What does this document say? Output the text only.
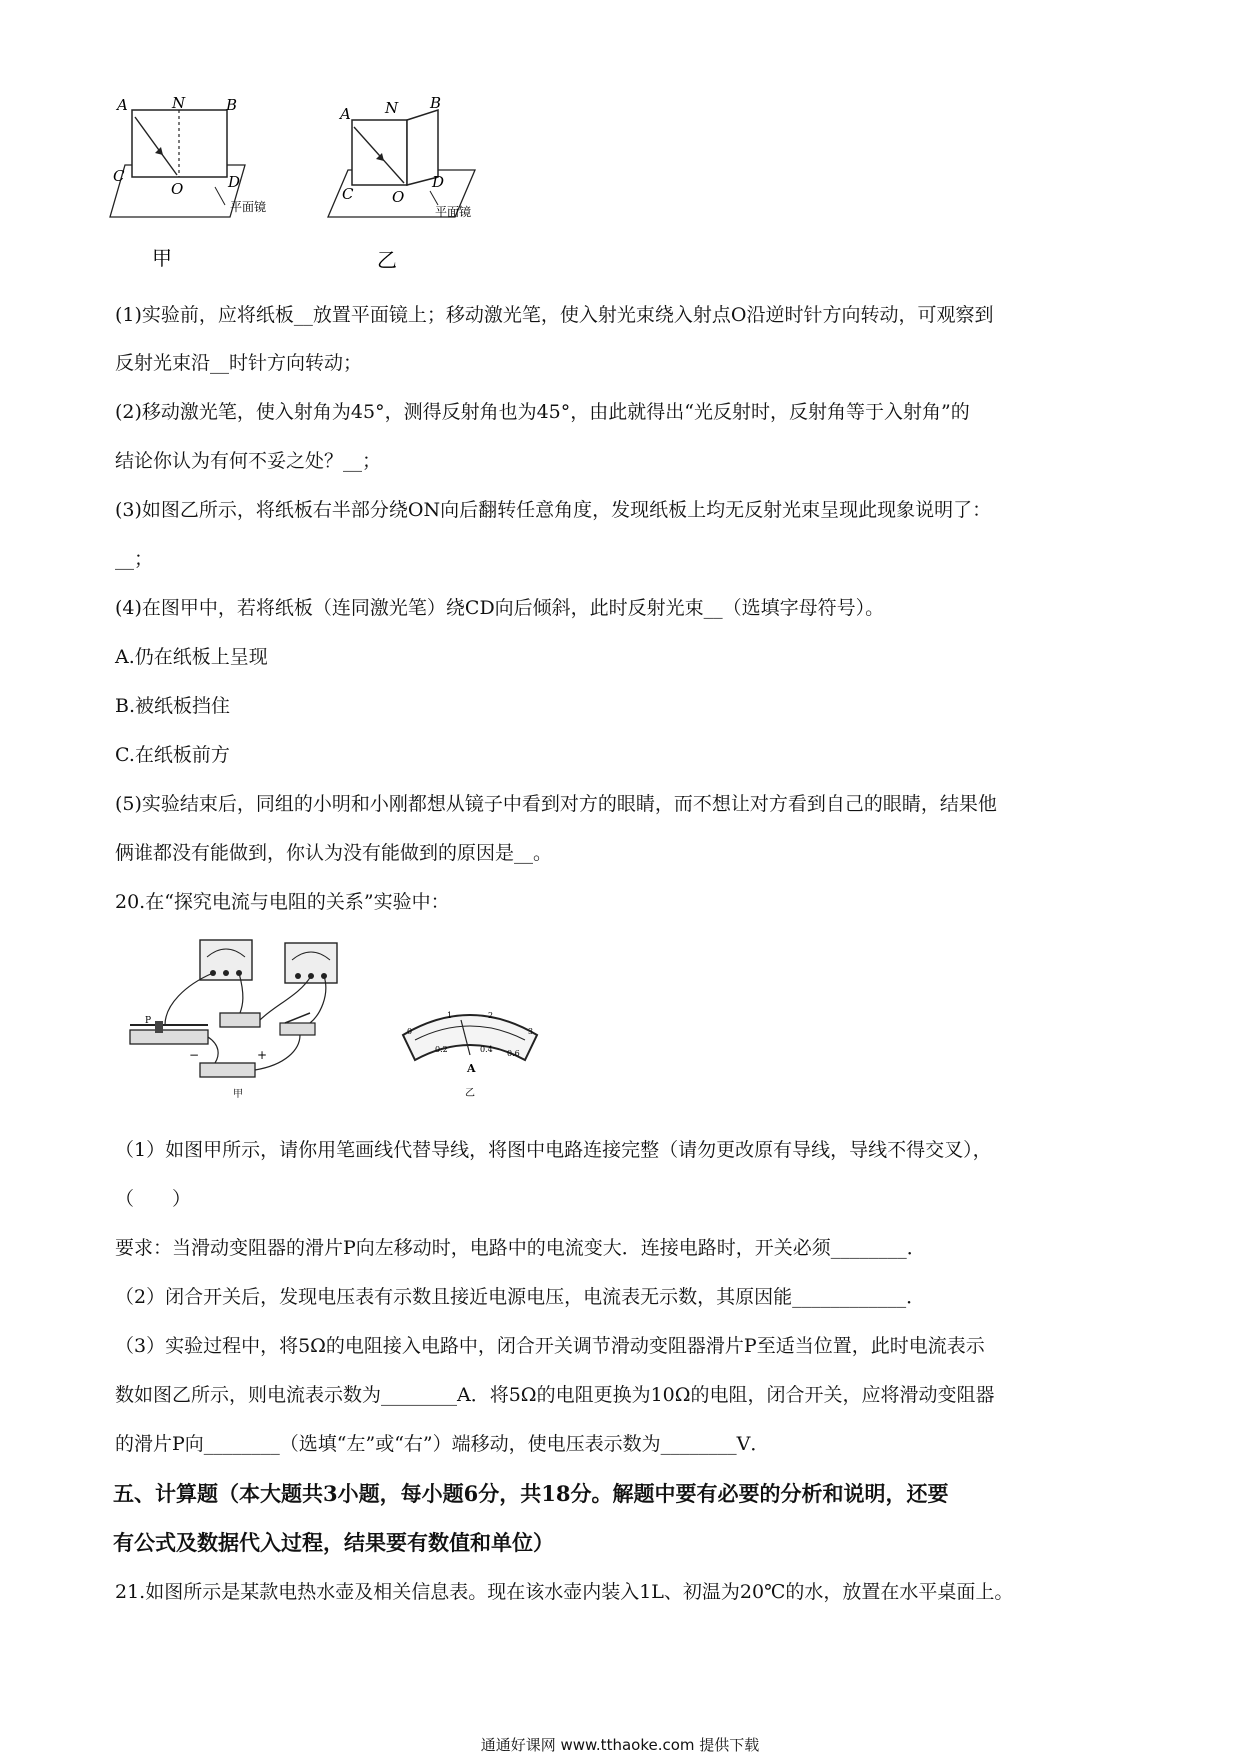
A	N	B
C
O	D
平面镜
甲
A N B
C	O
D
平面镜
乙
(1)实验前，应将纸板__放置平面镜上；移动激光笔，使入射光束绕入射点O沿逆时针方向转动，可观察到
反射光束沿__时针方向转动；
(2)移动激光笔，使入射角为45°，测得反射角也为45°，由此就得出“光反射时，反射角等于入射角”的
结论你认为有何不妥之处？__；
(3)如图乙所示，将纸板右半部分绕ON向后翻转任意角度，发现纸板上均无反射光束呈现此现象说明了：
__；
(4)在图甲中，若将纸板（连同激光笔）绕CD向后倾斜，此时反射光束__（选填字母符号）。
A.仍在纸板上呈现
B.被纸板挡住
C.在纸板前方
(5)实验结束后，同组的小明和小刚都想从镜子中看到对方的眼睛，而不想让对方看到自己的眼睛，结果他
俩谁都没有能做到，你认为没有能做到的原因是__。
20.在“探究电流与电阻的关系”实验中：
P
−	+
甲
0
1	2
3
0.2	0.4 0.6
A
乙
（1）如图甲所示，请你用笔画线代替导线，将图中电路连接完整（请勿更改原有导线，导线不得交叉），
（　　）
要求：当滑动变阻器的滑片P向左移动时，电路中的电流变大．连接电路时，开关必须________．
（2）闭合开关后，发现电压表有示数且接近电源电压，电流表无示数，其原因能____________．
（3）实验过程中，将5Ω的电阻接入电路中，闭合开关调节滑动变阻器滑片P至适当位置，此时电流表示
数如图乙所示，则电流表示数为________A．将5Ω的电阻更换为10Ω的电阻，闭合开关，应将滑动变阻器
的滑片P向________（选填“左”或“右”）端移动，使电压表示数为________V．
五、计算题（本大题共3小题，每小题6分，共18分。解题中要有必要的分析和说明，还要
有公式及数据代入过程，结果要有数值和单位）
21.如图所示是某款电热水壶及相关信息表。现在该水壶内装入1L、初温为20℃的水，放置在水平桌面上。
通通好课网 www.tthaoke.com 提供下载
